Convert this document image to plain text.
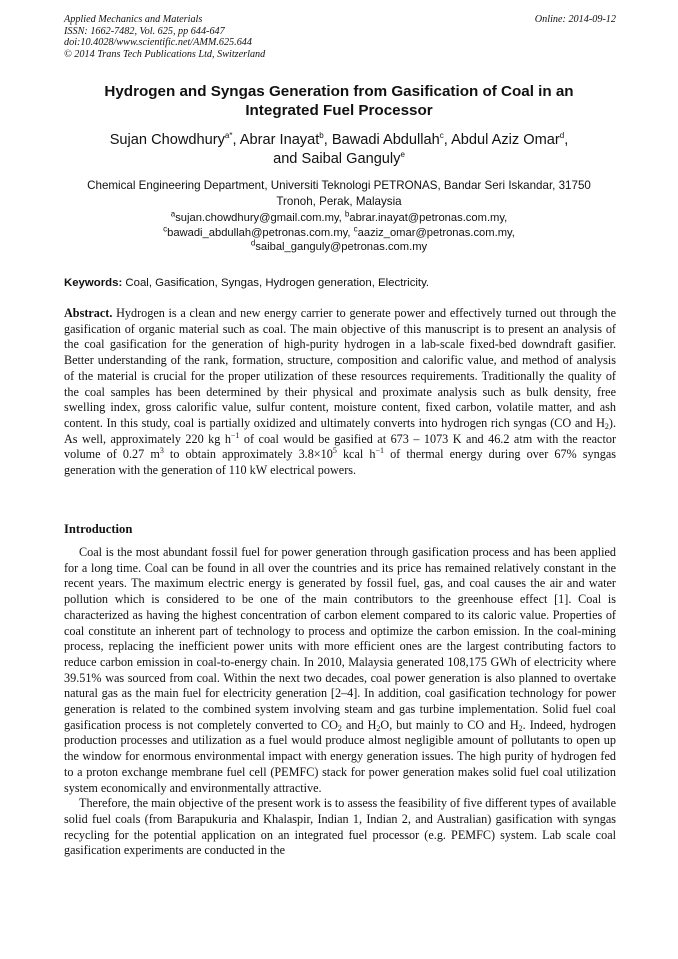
Applied Mechanics and Materials
ISSN: 1662-7482, Vol. 625, pp 644-647
doi:10.4028/www.scientific.net/AMM.625.644
© 2014 Trans Tech Publications Ltd, Switzerland
Online: 2014-09-12
Hydrogen and Syngas Generation from Gasification of Coal in an Integrated Fuel Processor
Sujan Chowdhury$^{a*}$, Abrar Inayat$^b$, Bawadi Abdullah$^c$, Abdul Aziz Omar$^d$,
and Saibal Ganguly$^e$
Chemical Engineering Department, Universiti Teknologi PETRONAS, Bandar Seri Iskandar, 31750
Tronoh, Perak, Malaysia
$^a$sujan.chowdhury@gmail.com.my, $^b$abrar.inayat@petronas.com.my,
$^c$bawadi_abdullah@petronas.com.my, $^c$aaziz_omar@petronas.com.my,
$^d$saibal_ganguly@petronas.com.my
Keywords: Coal, Gasification, Syngas, Hydrogen generation, Electricity.

Abstract. Hydrogen is a clean and new energy carrier to generate power and effectively turned out through the gasification of organic material such as coal. The main objective of this manuscript is to present an analysis of the coal gasification for the generation of high-purity hydrogen in a lab-scale fixed-bed downdraft gasifier. Better understanding of the rank, formation, structure, composition and calorific value, and method of analysis of the material is crucial for the proper utilization of these resources requirements. Traditionally the quality of the coal samples has been determined by their physical and proximate analysis such as bulk density, free swelling index, gross calorific value, sulfur content, moisture content, fixed carbon, volatile matter, and ash content. In this study, coal is partially oxidized and ultimately converts into hydrogen rich syngas (CO and $H_2$). As well, approximately 220 kg $h^{-1}$ of coal would be gasified at 673 – 1073 K and 46.2 atm with the reactor volume of 0.27 $m^3$ to obtain approximately $3.8\times 10^5$ kcal $h^{-1}$ of thermal energy during over 67% syngas generation with the generation of 110 kW electrical powers.

Introduction

Coal is the most abundant fossil fuel for power generation through gasification process and has been applied for a long time. Coal can be found in all over the countries and its price has remained relatively constant in the recent years. The maximum electric energy is generated by fossil fuel, gas, and coal causes the air and water pollution which is considered to be one of the main contributors to the greenhouse effect [1]. Coal is characterized as having the highest concentration of carbon element compared to its caloric value. Properties of coal constitute an inherent part of technology to process and optimize the carbon emission. In the coal-mining process, replacing the inefficient power units with more efficient ones are the largest contributing factors to reduce carbon emission in coal-to-energy chain. In 2010, Malaysia generated 108,175 GWh of electricity where 39.51% was sourced from coal. Within the next two decades, coal power generation is also planned to overtake natural gas as the main fuel for electricity generation [2–4]. In addition, coal gasification technology for power generation is related to the combined system involving steam and gas turbine implementation. Solid fuel coal gasification process is not completely converted to $CO_2$ and $H_2O$, but mainly to CO and $H_2$. Indeed, hydrogen production processes and utilization as a fuel would produce almost negligible amount of pollutants to open up the window for enormous environmental impact with energy generation issues. The high purity of hydrogen fed to a proton exchange membrane fuel cell (PEMFC) stack for power generation makes solid fuel coal utilization system economically and environmentally attractive.

Therefore, the main objective of the present work is to assess the feasibility of five different types of available solid fuel coals (from Barapukuria and Khalaspir, Indian 1, Indian 2, and Australian) gasification with syngas recycling for the potential application on an integrated fuel processor (e.g. PEMFC) system. Lab scale coal gasification experiments are conducted in the
